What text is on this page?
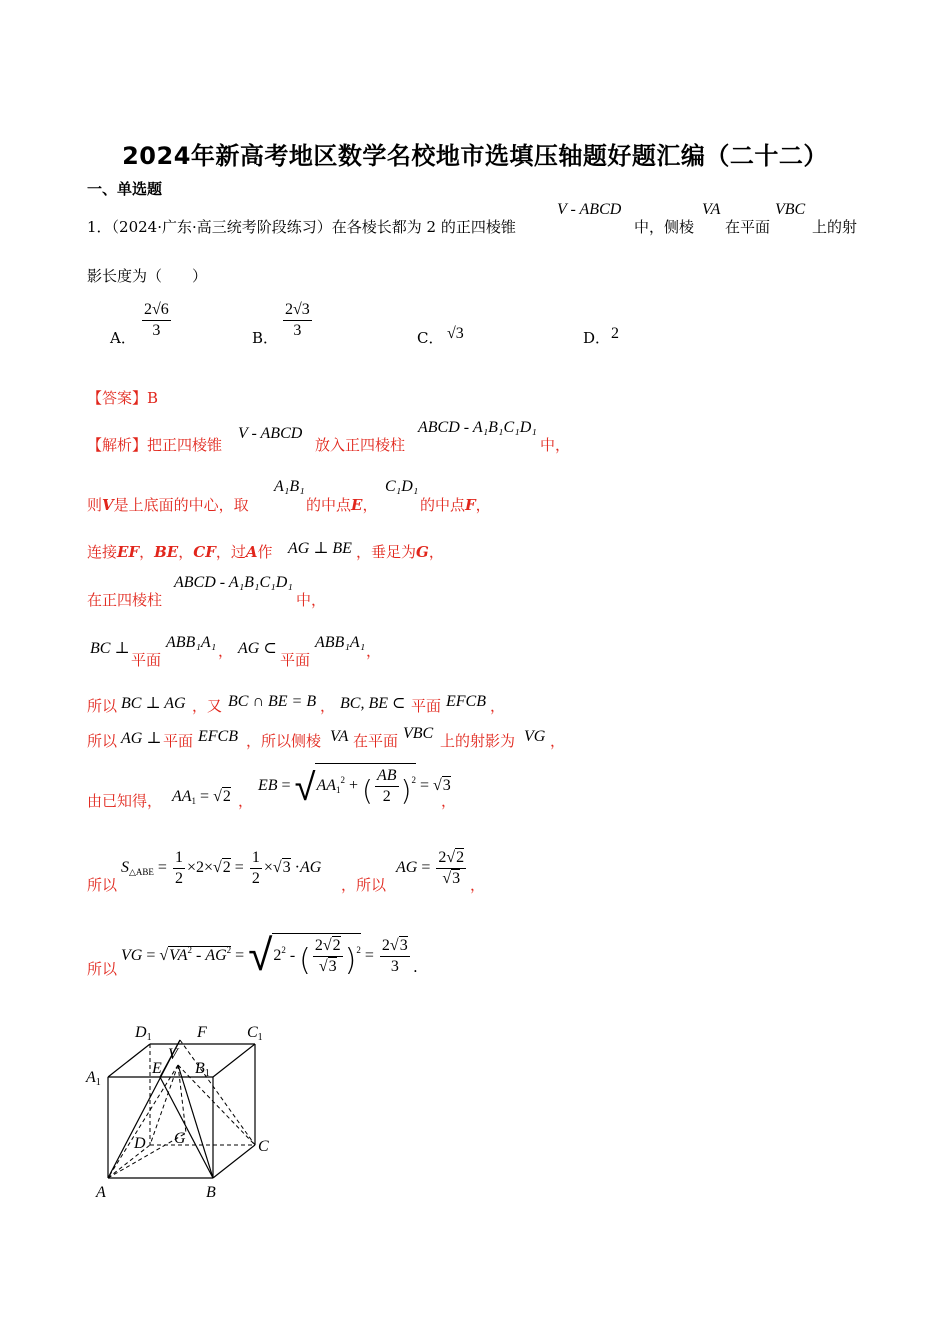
2024年新高考地区数学名校地市选填压轴题好题汇编（二十二）
一、单选题
1．（2024·广东·高三统考阶段练习）在各棱长都为 2 的正四棱锥
V - ABCD
中，侧棱
VA
在平面
VBC
上的射
影长度为（　　）
A． $\frac{2√6}{3}$	B． $\frac{2√3}{3}$	C． √3	D． 2
【答案】B
【解析】把正四棱锥
V - ABCD
放入正四棱柱
ABCD - A₁B₁C₁D₁
中，
则V是上底面的中心，取
A₁B₁
的中点E，
C₁D₁
的中点F，
连接EF，BE，CF，过A作 AG ⊥ BE ，垂足为G，
在正四棱柱
ABCD - A₁B₁C₁D₁
中，
BC ⊥
平面
ABB₁A₁ ， AG ⊂
平面
ABB₁A₁ ，
所以 BC ⊥ AG ，又 BC ∩ BE = B ， BC, BE ⊂ 平面 EFCB ，
所以 AG ⊥ 平面 EFCB ，所以侧棱 VA 在平面 VBC 上的射影为 VG ，
由已知得， $AA_1 = √2$ ，
EB = $√AA_1^2$ + ( $\frac{AB}{2} )^2 = √3$
，
所以
$S_{\triangle ABE} = \frac{1}{2} \times 2\times√2 = \frac{1}{2} \times√3 \cdot AG$
，所以
AG = $\frac{2√2}{√3}$ ，
所以
VG = $√VA^2 - AG^2 = √2^2$ - ( $\frac{2√2}{√3} )^2 = \frac{2√3}{3}$ .
D1	F	C1
V
E B1
A1
D G	C
A	B
